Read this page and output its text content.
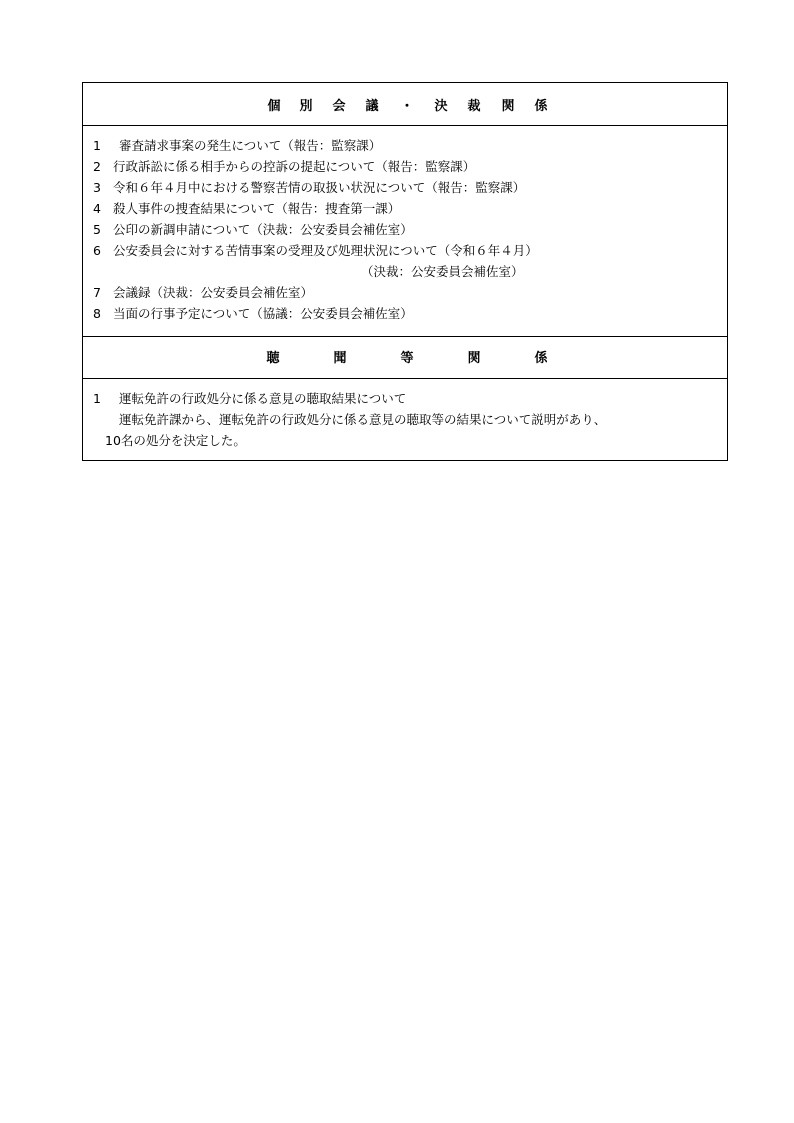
個 別 会 議 ・ 決 裁 関 係
1 審査請求事案の発生について（報告：監察課）
2 行政訴訟に係る相手からの控訴の提起について（報告：監察課）
3 令和６年４月中における警察苦情の取扱い状況について（報告：監察課）
4 殺人事件の捜査結果について（報告：捜査第一課）
5 公印の新調申請について（決裁：公安委員会補佐室）
6 公安委員会に対する苦情事案の受理及び処理状況について（令和６年４月）
（決裁：公安委員会補佐室）
7 会議録（決裁：公安委員会補佐室）
8 当面の行事予定について（協議：公安委員会補佐室）
聴	聞	等	関	係
1 運転免許の行政処分に係る意見の聴取結果について
運転免許課から、運転免許の行政処分に係る意見の聴取等の結果について説明があり、
10名の処分を決定した。
